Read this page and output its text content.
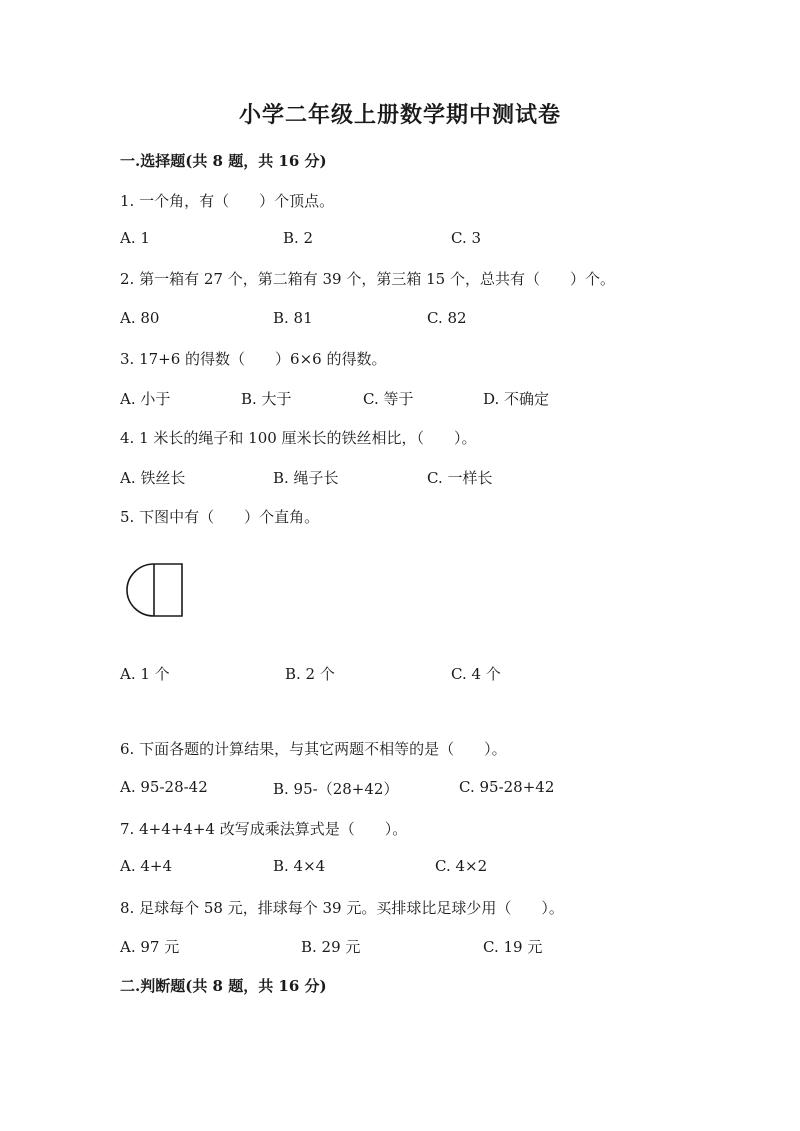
小学二年级上册数学期中测试卷
一.选择题(共 8 题，共 16 分)
1. 一个角，有（　　）个顶点。
A. 1	B. 2	C. 3
2. 第一箱有 27 个，第二箱有 39 个，第三箱 15 个，总共有（　　）个。
A. 80	B. 81	C. 82
3. 17+6 的得数（　　）6×6 的得数。
A. 小于	B. 大于	C. 等于	D. 不确定
4. 1 米长的绳子和 100 厘米长的铁丝相比，（　　）。
A. 铁丝长	B. 绳子长	C. 一样长
5. 下图中有（　　）个直角。
A. 1 个	B. 2 个	C. 4 个
6. 下面各题的计算结果，与其它两题不相等的是（　　）。
A. 95-28-42	B. 95-（28+42）	C. 95-28+42
7. 4+4+4+4 改写成乘法算式是（　　）。
A. 4+4	B. 4×4	C. 4×2
8. 足球每个 58 元，排球每个 39 元。买排球比足球少用（　　）。
A. 97 元	B. 29 元	C. 19 元
二.判断题(共 8 题，共 16 分)
